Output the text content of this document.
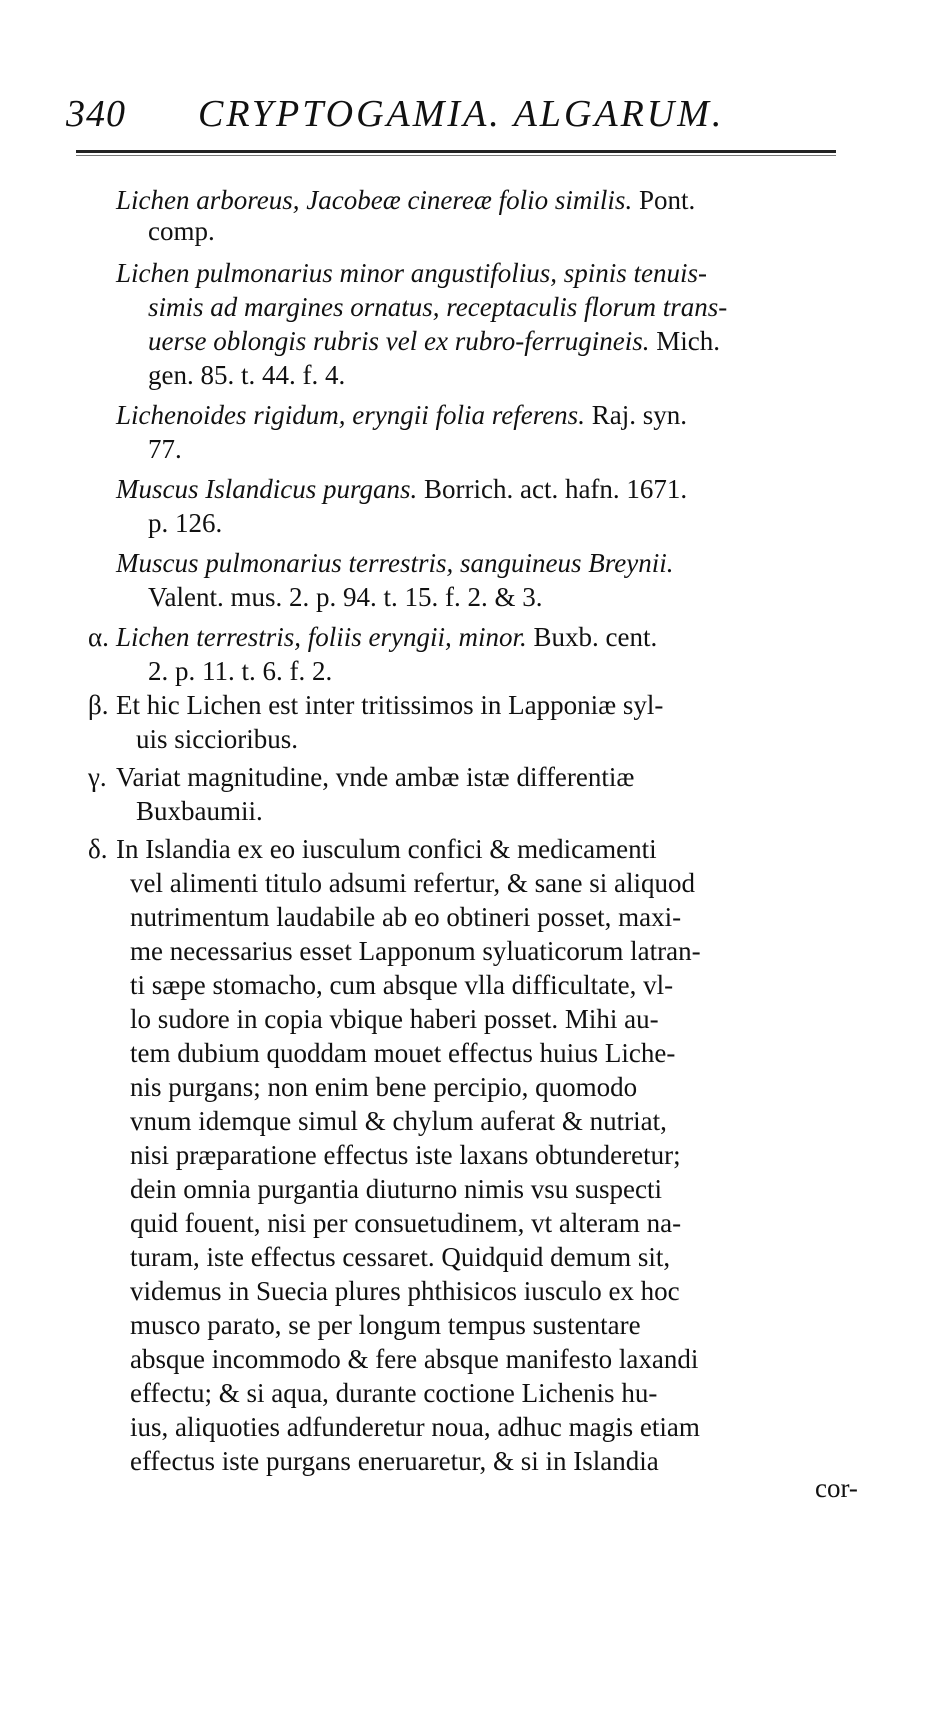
340 CRYPTOGAMIA. ALGARUM.
Lichen arboreus, Jacobeæ cinereæ folio similis. Pont.
comp.
Lichen pulmonarius minor angustifolius, spinis tenuis-
simis ad margines ornatus, receptaculis florum trans-
uerse oblongis rubris vel ex rubro-ferrugineis. Mich.
gen. 85. t. 44. f. 4.
Lichenoides rigidum, eryngii folia referens. Raj. syn.
77.
Muscus Islandicus purgans. Borrich. act. hafn. 1671.
p. 126.
Muscus pulmonarius terrestris, sanguineus Breynii.
Valent. mus. 2. p. 94. t. 15. f. 2. & 3.
α. Lichen terrestris, foliis eryngii, minor. Buxb. cent.
2. p. 11. t. 6. f. 2.
β. Et hic Lichen est inter tritissimos in Lapponiæ syl-
uis siccioribus.
γ. Variat magnitudine, vnde ambæ istæ differentiæ
Buxbaumii.
δ. In Islandia ex eo iusculum confici & medicamenti
vel alimenti titulo adsumi refertur, & sane si aliquod
nutrimentum laudabile ab eo obtineri posset, maxi-
me necessarius esset Lapponum syluaticorum latran-
ti sæpe stomacho, cum absque vlla difficultate, vl-
lo sudore in copia vbique haberi posset. Mihi au-
tem dubium quoddam mouet effectus huius Liche-
nis purgans; non enim bene percipio, quomodo
vnum idemque simul & chylum auferat & nutriat,
nisi præparatione effectus iste laxans obtunderetur;
dein omnia purgantia diuturno nimis vsu suspecti
quid fouent, nisi per consuetudinem, vt alteram na-
turam, iste effectus cessaret. Quidquid demum sit,
videmus in Suecia plures phthisicos iusculo ex hoc
musco parato, se per longum tempus sustentare
absque incommodo & fere absque manifesto laxandi
effectu; & si aqua, durante coctione Lichenis hu-
ius, aliquoties adfunderetur noua, adhuc magis etiam
effectus iste purgans eneruaretur, & si in Islandia
cor-
